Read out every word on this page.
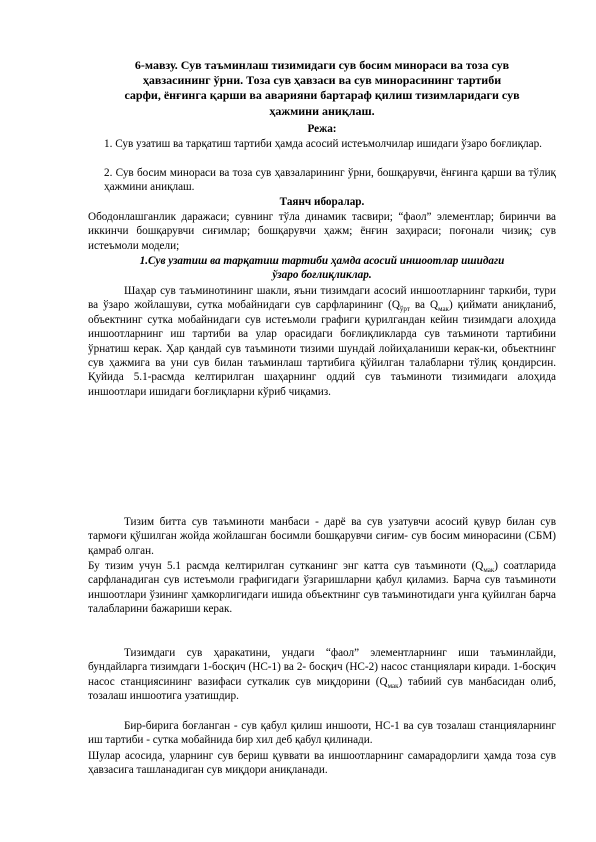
6-мавзу. Сув таъминлаш тизимидаги сув босим минораси ва тоза сув
ҳавзасининг ўрни. Тоза сув ҳавзаси ва сув минорасининг тартиби
сарфи, ёнғинга қарши ва аварияни бартараф қилиш тизимларидаги сув
ҳажмини аниқлаш.
Режа:
1. Сув узатиш ва тарқатиш тартиби ҳамда асосий истеъмолчилар ишидаги ўзаро боғлиқлар.
2. Сув босим минораси ва тоза сув ҳавзаларининг ўрни, бошқарувчи, ёнғинга қарши ва тўлиқ ҳажмини аниқлаш.
Таянч иборалар.
Ободонлашганлик даражаси; сувнинг тўла динамик тасвири; “фаол” элементлар; биринчи ва иккинчи бошқарувчи сиғимлар; бошқарувчи ҳажм; ёнғин заҳираси; поғонали чизиқ; сув истеъмоли модели;
1.Сув узатиш ва тарқатиш тартиби ҳамда асосий иншоотлар ишидаги
ўзаро боғлиқликлар.
Шаҳар сув таъминотининг шакли, яъни тизимдаги асосий иншоотларнинг таркиби, тури ва ўзаро жойлашуви, сутка мобайнидаги сув сарфларининг ($Q_{ўрт}$ ва $Q_{мак}$) қиймати аниқланиб, объектнинг сутка мобайнидаги сув истеъмоли графиги қурилгандан кейин тизимдаги алоҳида иншоотларнинг иш тартиби ва улар орасидаги боғлиқликларда сув таъминоти тартибини ўрнатиш керак. Ҳар қандай сув таъминоти тизими шундай лойиҳаланиши керак-ки, объектнинг сув ҳажмига ва уни сув билан таъминлаш тартибига қўйилган талабларни тўлиқ қондирсин. Қуйида 5.1-расмда келтирилган шаҳарнинг оддий сув таъминоти тизимидаги алоҳида иншоотлари ишидаги боғлиқларни кўриб чиқамиз.
Тизим битта сув таъминоти манбаси - дарё ва сув узатувчи асосий қувур билан сув тармоғи қўшилган жойда жойлашган босимли бошқарувчи сиғим- сув босим минорасини (СБМ) қамраб олган.
Бу тизим учун 5.1 расмда келтирилган сутканинг энг катта сув таъминоти $(Q_{мак})$ соатларида сарфланадиган сув истеъмоли графигидаги ўзгаришларни қабул қиламиз. Барча сув таъминоти иншоотлари ўзининг ҳамкорлигидаги ишида объектнинг сув таъминотидаги унга қуйилган барча талабларини бажариши керак.
Тизимдаги сув ҳаракатини, ундаги “фаол” элементларнинг иши таъминлайди, бундайларга тизимдаги 1-босқич (НС-1) ва 2- босқич (НС-2) насос станциялари киради. 1-босқич насос станциясининг вазифаси суткалик сув миқдорини $(Q_{мак})$ табиий сув манбасидан олиб, тозалаш иншоотига узатишдир.
Бир-бирига боғланган - сув қабул қилиш иншооти, НС-1 ва сув тозалаш станцияларнинг иш тартиби - сутка мобайнида бир хил деб қабул қилинади.
Шулар асосида, уларнинг сув бериш қуввати ва иншоотларнинг самарадорлиги ҳамда тоза сув ҳавзасига ташланадиган сув миқдори аниқланади.
